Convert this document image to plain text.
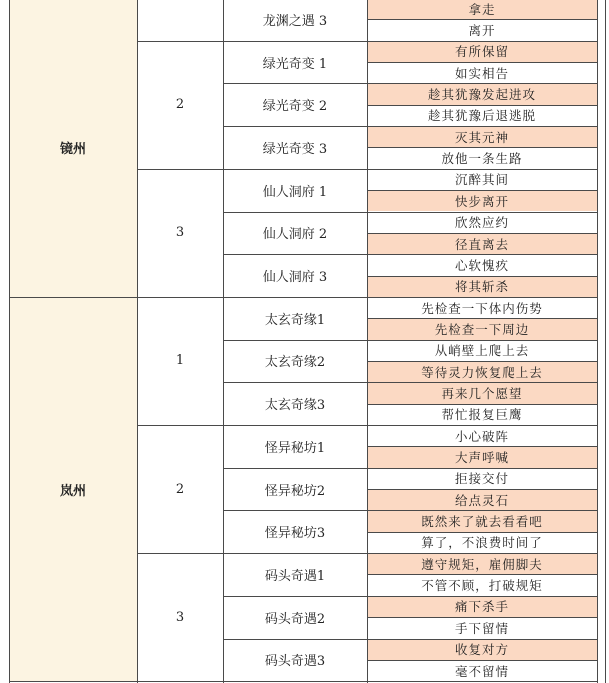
拿走
离开
龙渊之遇 3
有所保留
如实相告
绿光奇变 1
趁其犹豫发起进攻
趁其犹豫后退逃脱
绿光奇变 2
灭其元神
放他一条生路
绿光奇变 3
2
沉醉其间
快步离开
仙人洞府 1
欣然应约
径直离去
仙人洞府 2
心软愧疚
将其斩杀
仙人洞府 3
3
镜州
先检查一下体内伤势
先检查一下周边
太玄奇缘1
从峭壁上爬上去
等待灵力恢复爬上去
太玄奇缘2
再来几个愿望
帮忙报复巨鹰
太玄奇缘3
1
小心破阵
大声呼喊
怪异秘坊1
拒接交付
给点灵石
怪异秘坊2
既然来了就去看看吧
算了，不浪费时间了
怪异秘坊3
2
遵守规矩，雇佣脚夫
不管不顾，打破规矩
码头奇遇1
痛下杀手
手下留情
码头奇遇2
收复对方
毫不留情
码头奇遇3
3
岚州
